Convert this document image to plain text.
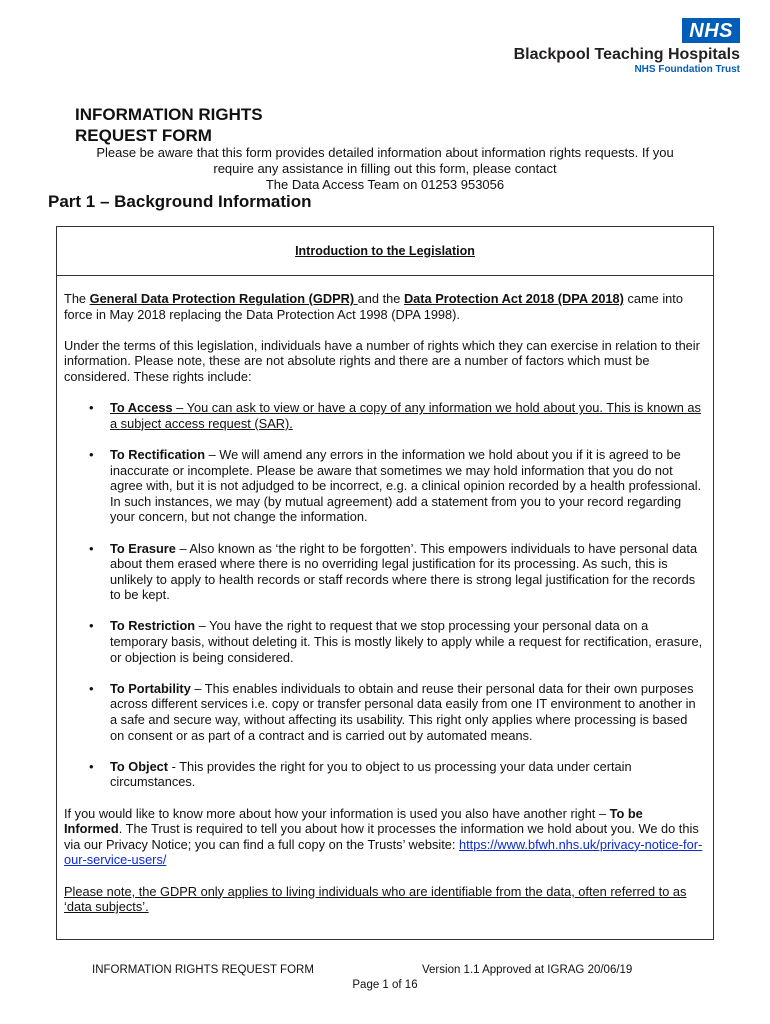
NHS
Blackpool Teaching Hospitals
NHS Foundation Trust
INFORMATION RIGHTS
REQUEST FORM
Please be aware that this form provides detailed information about information rights requests. If you
require any assistance in filling out this form, please contact
The Data Access Team on 01253 953056
Part 1 – Background Information
Introduction to the Legislation

The General Data Protection Regulation (GDPR) and the Data Protection Act 2018 (DPA 2018) came into force in May 2018 replacing the Data Protection Act 1998 (DPA 1998).

Under the terms of this legislation, individuals have a number of rights which they can exercise in relation to their information. Please note, these are not absolute rights and there are a number of factors which must be considered. These rights include:

• To Access – You can ask to view or have a copy of any information we hold about you. This is known as a subject access request (SAR).
• To Rectification – We will amend any errors in the information we hold about you if it is agreed to be inaccurate or incomplete. Please be aware that sometimes we may hold information that you do not agree with, but it is not adjudged to be incorrect, e.g. a clinical opinion recorded by a health professional. In such instances, we may (by mutual agreement) add a statement from you to your record regarding your concern, but not change the information.
• To Erasure – Also known as ‘the right to be forgotten’. This empowers individuals to have personal data about them erased where there is no overriding legal justification for its processing. As such, this is unlikely to apply to health records or staff records where there is strong legal justification for the records to be kept.
• To Restriction – You have the right to request that we stop processing your personal data on a temporary basis, without deleting it. This is mostly likely to apply while a request for rectification, erasure, or objection is being considered.
• To Portability – This enables individuals to obtain and reuse their personal data for their own purposes across different services i.e. copy or transfer personal data easily from one IT environment to another in a safe and secure way, without affecting its usability. This right only applies where processing is based on consent or as part of a contract and is carried out by automated means.
• To Object - This provides the right for you to object to us processing your data under certain circumstances.

If you would like to know more about how your information is used you also have another right – To be Informed. The Trust is required to tell you about how it processes the information we hold about you. We do this via our Privacy Notice; you can find a full copy on the Trusts’ website: https://www.bfwh.nhs.uk/privacy-notice-for-our-service-users/

Please note, the GDPR only applies to living individuals who are identifiable from the data, often referred to as ‘data subjects’.

INFORMATION RIGHTS REQUEST FORM	Version 1.1 Approved at IGRAG 20/06/19
Page 1 of 16
